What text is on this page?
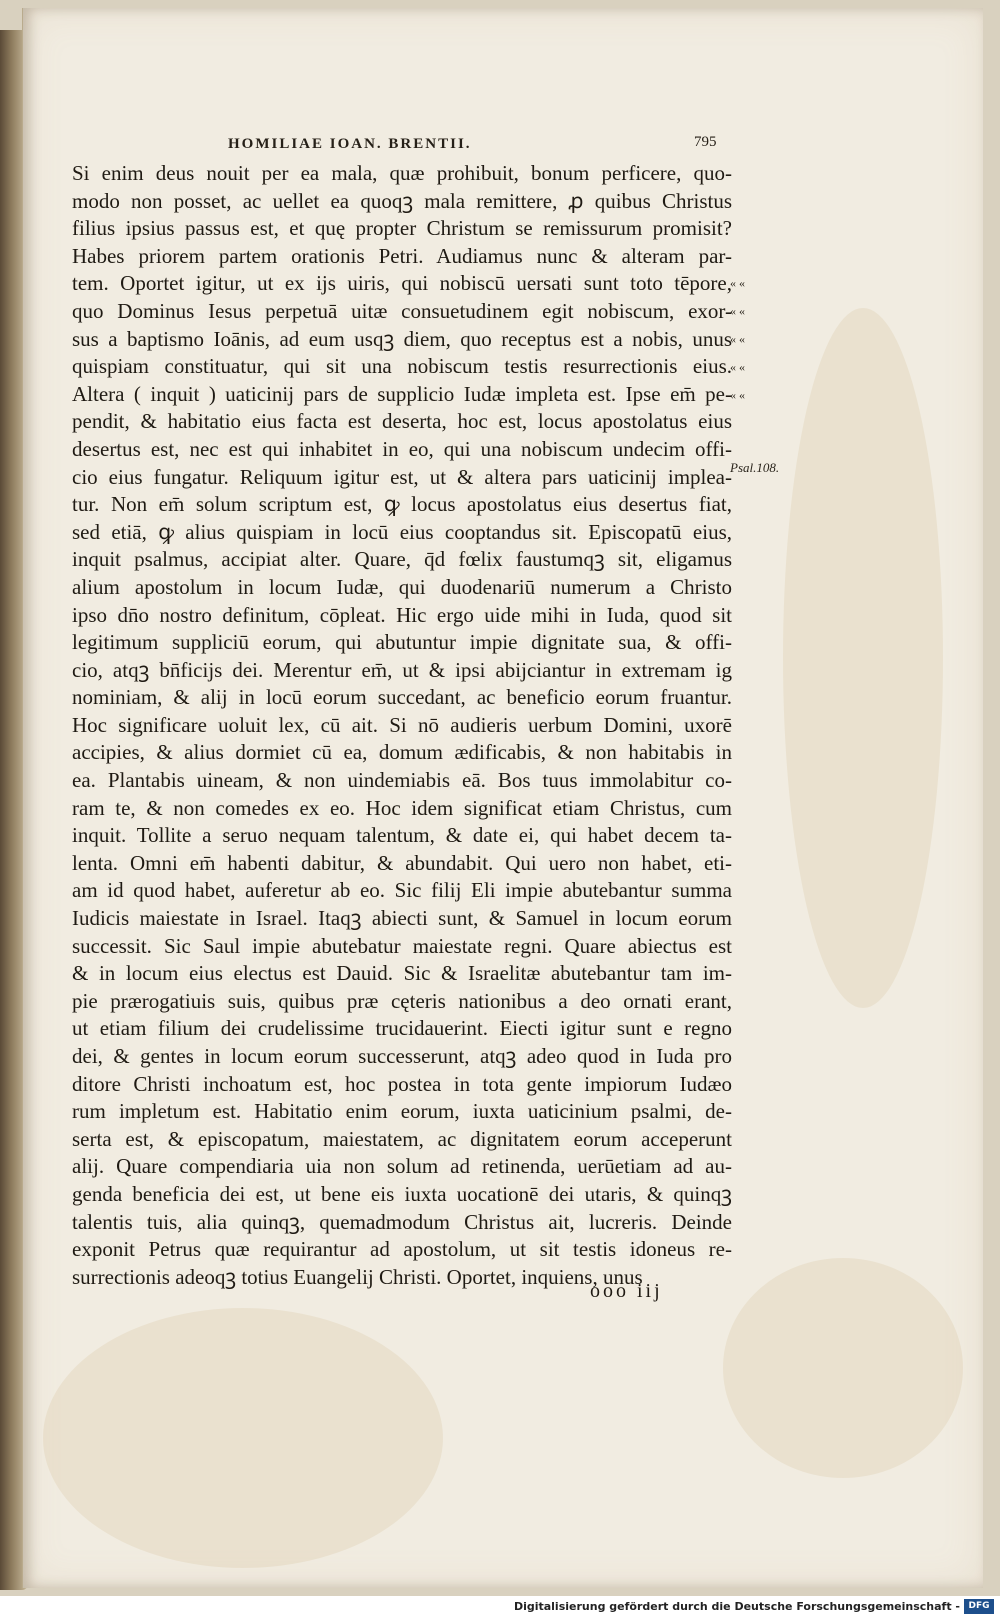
HOMILIAE IOAN. BRENTII.	795
Si enim deus nouit per ea mala, quæ prohibuit, bonum perficere, quo-
modo non posset, ac uellet ea quoqꝫ mala remittere, ꝓ quibus Christus
filius ipsius passus est, et quę propter Christum se remissurum promisit?
Habes priorem partem orationis Petri. Audiamus nunc & alteram par-
tem. Oportet igitur, ut ex ijs uiris, qui nobiscū uersati sunt toto tēpore,
quo Dominus Iesus perpetuā uitæ consuetudinem egit nobiscum, exor-
sus a baptismo Ioānis, ad eum usqꝫ diem, quo receptus est a nobis, unus
quispiam constituatur, qui sit una nobiscum testis resurrectionis eius.
Altera ( inquit ) uaticinij pars de supplicio Iudæ impleta est. Ipse em̄ pe-
pendit, & habitatio eius facta est deserta, hoc est, locus apostolatus eius
desertus est, nec est qui inhabitet in eo, qui una nobiscum undecim offi-
cio eius fungatur. Reliquum igitur est, ut & altera pars uaticinij implea-
tur. Non em̄ solum scriptum est, ꝙ locus apostolatus eius desertus fiat,
sed etiā, ꝙ alius quispiam in locū eius cooptandus sit. Episcopatū eius,
inquit psalmus, accipiat alter. Quare, q̄d fœlix faustumqꝫ sit, eligamus
alium apostolum in locum Iudæ, qui duodenariū numerum a Christo
ipso dn̄o nostro definitum, cōpleat. Hic ergo uide mihi in Iuda, quod sit
legitimum suppliciū eorum, qui abutuntur impie dignitate sua, & offi-
cio, atqꝫ bn̄ficijs dei. Merentur em̄, ut & ipsi abijciantur in extremam ig
nominiam, & alij in locū eorum succedant, ac beneficio eorum fruantur.
Hoc significare uoluit lex, cū ait. Si nō audieris uerbum Domini, uxorē
accipies, & alius dormiet cū ea, domum ædificabis, & non habitabis in
ea. Plantabis uineam, & non uindemiabis eā. Bos tuus immolabitur co-
ram te, & non comedes ex eo. Hoc idem significat etiam Christus, cum
inquit. Tollite a seruo nequam talentum, & date ei, qui habet decem ta-
lenta. Omni em̄ habenti dabitur, & abundabit. Qui uero non habet, eti-
am id quod habet, auferetur ab eo. Sic filij Eli impie abutebantur summa
Iudicis maiestate in Israel. Itaqꝫ abiecti sunt, & Samuel in locum eorum
successit. Sic Saul impie abutebatur maiestate regni. Quare abiectus est
& in locum eius electus est Dauid. Sic & Israelitæ abutebantur tam im-
pie prærogatiuis suis, quibus præ cęteris nationibus a deo ornati erant,
ut etiam filium dei crudelissime trucidauerint. Eiecti igitur sunt e regno
dei, & gentes in locum eorum successerunt, atqꝫ adeo quod in Iuda pro
ditore Christi inchoatum est, hoc postea in tota gente impiorum Iudæo
rum impletum est. Habitatio enim eorum, iuxta uaticinium psalmi, de-
serta est, & episcopatum, maiestatem, ac dignitatem eorum acceperunt
alij. Quare compendiaria uia non solum ad retinenda, uerūetiam ad au-
genda beneficia dei est, ut bene eis iuxta uocationē dei utaris, & quinqꝫ
talentis tuis, alia quinqꝫ, quemadmodum Christus ait, lucreris. Deinde
exponit Petrus quæ requirantur ad apostolum, ut sit testis idoneus re-
surrectionis adeoqꝫ totius Euangelij Christi. Oportet, inquiens, unus
« «
« «
« «
« «
« «
Psal.108.
ooo iij
Digitalisierung gefördert durch die Deutsche Forschungsgemeinschaft - DFG
